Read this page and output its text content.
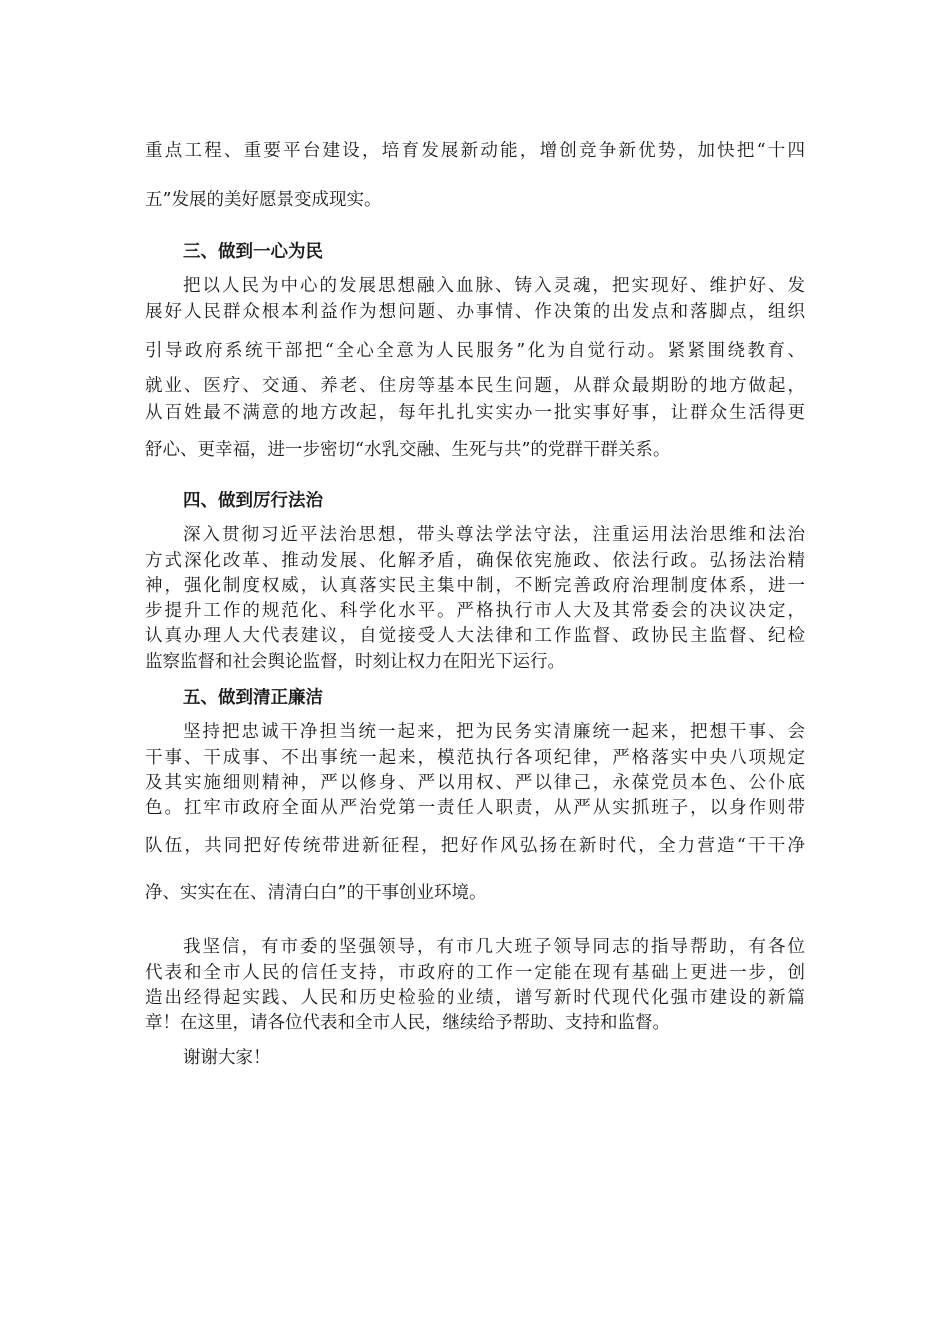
重点工程、重要平台建设，培育发展新动能，增创竞争新优势，加快把“十四
五”发展的美好愿景变成现实。
三、做到一心为民
把以人民为中心的发展思想融入血脉、铸入灵魂，把实现好、维护好、发
展好人民群众根本利益作为想问题、办事情、作决策的出发点和落脚点，组织
引导政府系统干部把“全心全意为人民服务”化为自觉行动。紧紧围绕教育、
就业、医疗、交通、养老、住房等基本民生问题，从群众最期盼的地方做起，
从百姓最不满意的地方改起，每年扎扎实实办一批实事好事，让群众生活得更
舒心、更幸福，进一步密切“水乳交融、生死与共”的党群干群关系。
四、做到厉行法治
深入贯彻习近平法治思想，带头尊法学法守法，注重运用法治思维和法治
方式深化改革、推动发展、化解矛盾，确保依宪施政、依法行政。弘扬法治精
神，强化制度权威，认真落实民主集中制，不断完善政府治理制度体系，进一
步提升工作的规范化、科学化水平。严格执行市人大及其常委会的决议决定，
认真办理人大代表建议，自觉接受人大法律和工作监督、政协民主监督、纪检
监察监督和社会舆论监督，时刻让权力在阳光下运行。
五、做到清正廉洁
坚持把忠诚干净担当统一起来，把为民务实清廉统一起来，把想干事、会
干事、干成事、不出事统一起来，模范执行各项纪律，严格落实中央八项规定
及其实施细则精神，严以修身、严以用权、严以律己，永葆党员本色、公仆底
色。扛牢市政府全面从严治党第一责任人职责，从严从实抓班子，以身作则带
队伍，共同把好传统带进新征程，把好作风弘扬在新时代，全力营造“干干净
净、实实在在、清清白白”的干事创业环境。
我坚信，有市委的坚强领导，有市几大班子领导同志的指导帮助，有各位
代表和全市人民的信任支持，市政府的工作一定能在现有基础上更进一步，创
造出经得起实践、人民和历史检验的业绩，谱写新时代现代化强市建设的新篇
章！在这里，请各位代表和全市人民，继续给予帮助、支持和监督。
谢谢大家！
